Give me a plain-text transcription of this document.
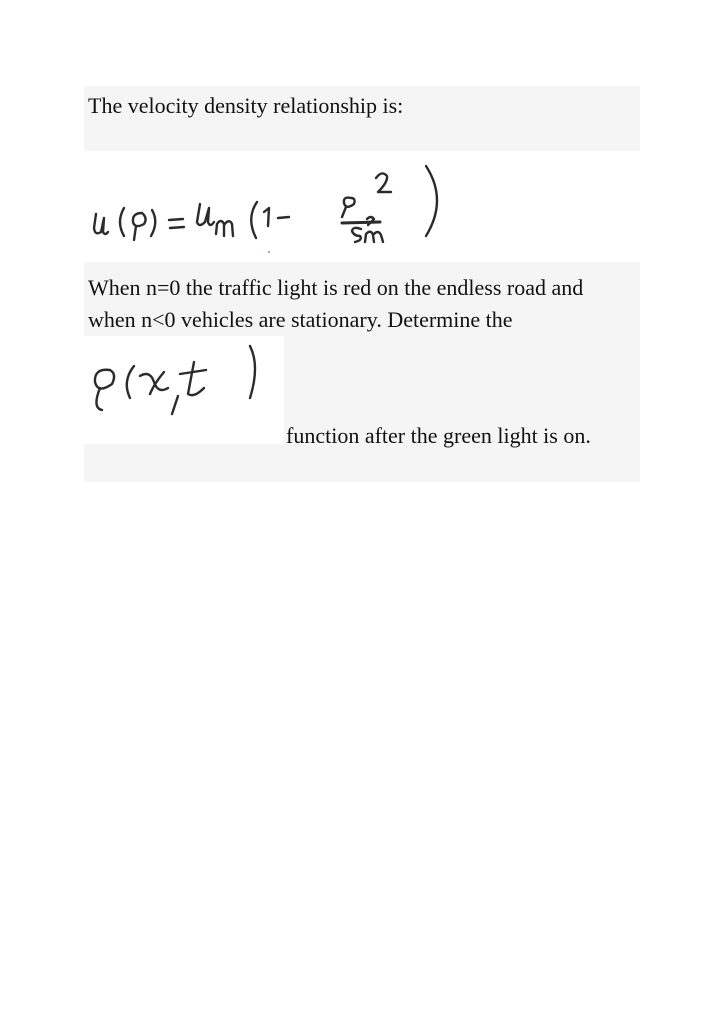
The velocity density relationship is:
When n=0 the traffic light is red on the endless road and
when n<0 vehicles are stationary. Determine the
function after the green light is on.
